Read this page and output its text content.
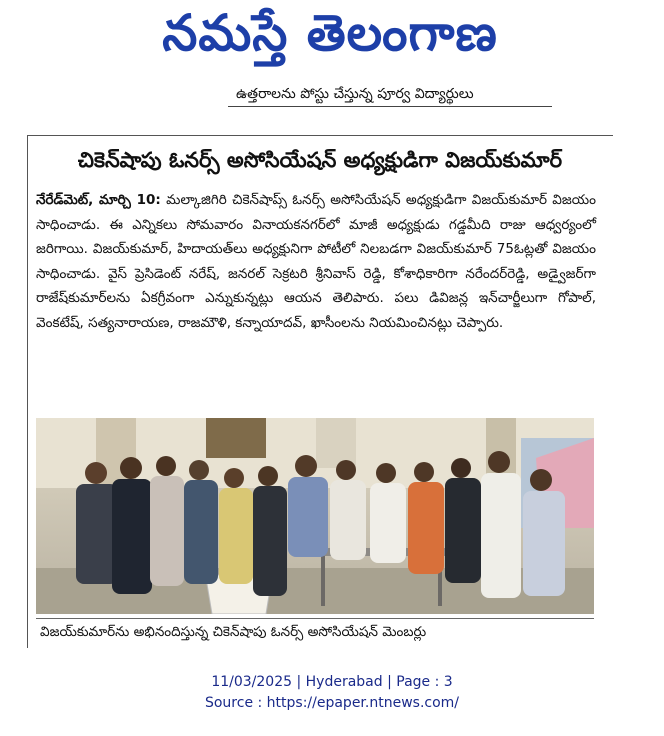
నమస్తే తెలంగాణ
ఉత్తరాలను పోస్టు చేస్తున్న పూర్వ విద్యార్థులు
చికెన్‌షాపు ఓనర్స్ అసోసియేషన్ అధ్యక్షుడిగా విజయ్‌కుమార్
నేరేడ్‌మెట్, మార్చి 10: మల్కాజిగిరి చికెన్‌షాప్స్ ఓనర్స్ అసోసియేషన్ అధ్యక్షుడిగా విజయ్‌కుమార్ విజయం సాధించాడు. ఈ ఎన్నికలు సోమవారం వినాయకనగర్‌లో మాజీ అధ్యక్షుడు గడ్డమీది రాజు ఆధ్వర్యంలో జరిగాయి. విజయ్‌కుమార్, హిదాయత్‌లు అధ్యక్షునిగా పోటీలో నిలబడగా విజయ్‌కుమార్ 75ఓట్లతో విజయం సాధించాడు. వైస్ ప్రెసిడెంట్ నరేష్, జనరల్ సెక్రటరి శ్రీనివాస్ రెడ్డి, కోశాధికారిగా నరేందర్‌రెడ్డి, అడ్వైజర్‌గా రాజేష్‌కుమార్‌లను ఏకగ్రీవంగా ఎన్నుకున్నట్లు ఆయన తెలిపారు. పలు డివిజన్ల ఇన్‌చార్జీలుగా గోపాల్, వెంకటేష్, సత్యనారాయణ, రాజమౌళి, కన్నాయాదవ్, ఖాసీంలను నియమించినట్లు చెప్పారు.
విజయ్‌కుమార్‌ను అభినందిస్తున్న చికెన్‌షాపు ఓనర్స్ అసోసియేషన్ మెంబర్లు
11/03/2025 | Hyderabad | Page : 3
Source : https://epaper.ntnews.com/
